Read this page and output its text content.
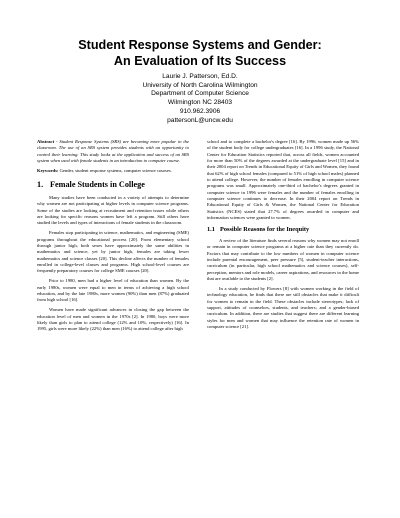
Student Response Systems and Gender:
An Evaluation of Its Success
Laurie J. Patterson, Ed.D.
University of North Carolina Wilmington
Department of Computer Science
Wilmington NC 28403
910.962.3906
pattersonL@uncw.edu

Abstract - Student Response Systems (SRS) are becoming more popular in the classroom. The use of an SRS system provides students with an opportunity to control their learning. This study looks at the application and success of an SRS system when used with female students in an introduction to computer course.

Keywords: Gender, student response systems, computer science courses.

1. Female Students in College

Many studies have been conducted in a variety of attempts to determine why women are not participating at higher levels in computer science programs. Some of the studies are looking at recruitment and retention issues while others are looking for specific reasons women have left a program. Still others have studied the levels and types of interactions of female students in the classroom.

Females stop participating in science, mathematics, and engineering (SME) programs throughout the educational process [20]. From elementary school through junior high, both sexes have approximately the same abilities in mathematics and science, yet by junior high, females are taking fewer mathematics and science classes [20]. This decline affects the number of females enrolled in college-level classes and programs. High school-level courses are frequently preparatory courses for college SME courses [20].

Prior to 1980, men had a higher level of education than women. By the early 1980s, women were equal to men in terms of achieving a high school education, and by the late 1980s, more women (90%) than men (87%) graduated from high school [16].

Women have made significant advances in closing the gap between the education level of men and women in the 1970s [2]. In 1980, boys were more likely than girls to plan to attend college (12% and 10%, respectively) [16]. In 1995, girls were more likely (22%) than men (16%) to attend college after high

school and to complete a bachelor's degree [16]. By 1996, women made up 56% of the student body for college undergraduates [16]. In a 1996 study, the National Center for Education Statistics reported that, across all fields, women accounted for more than 50% of the degrees awarded at the undergraduate level [15] and in their 2004 report on Trends in Educational Equity of Girls and Women, they found that 62% of high school females (compared to 51% of high school males) planned to attend college. However, the number of females enrolling in computer science programs was small. Approximately one-third of bachelor's degrees granted in computer science in 1996 were females and the number of females enrolling in computer science continues to decrease. In their 2004 report on Trends in Educational Equity of Girls & Women, the National Center for Education Statistics (NCES) stated that 27.7% of degrees awarded in computer and information sciences were granted to women.

1.1 Possible Reasons for the Inequity

A review of the literature finds several reasons why women may not enroll or remain in computer science programs at a higher rate than they currently do. Factors that may contribute to the low numbers of women in computer science include parental encouragement, peer pressure [5], student-teacher interactions, curriculum (in particular, high school mathematics and science courses), self-perception, mentors and role models, career aspirations, and resources in the home that are available to the students [2].

In a study conducted by Flowers [8] with women working in the field of technology education, he finds that there are still obstacles that make it difficult for women to remain in the field. These obstacles include stereotypes; lack of support, attitudes of counselors, students, and teachers; and a gender-biased curriculum. In addition, there are studies that suggest there are different learning styles for men and women that may influence the retention rate of women in computer science [21].
